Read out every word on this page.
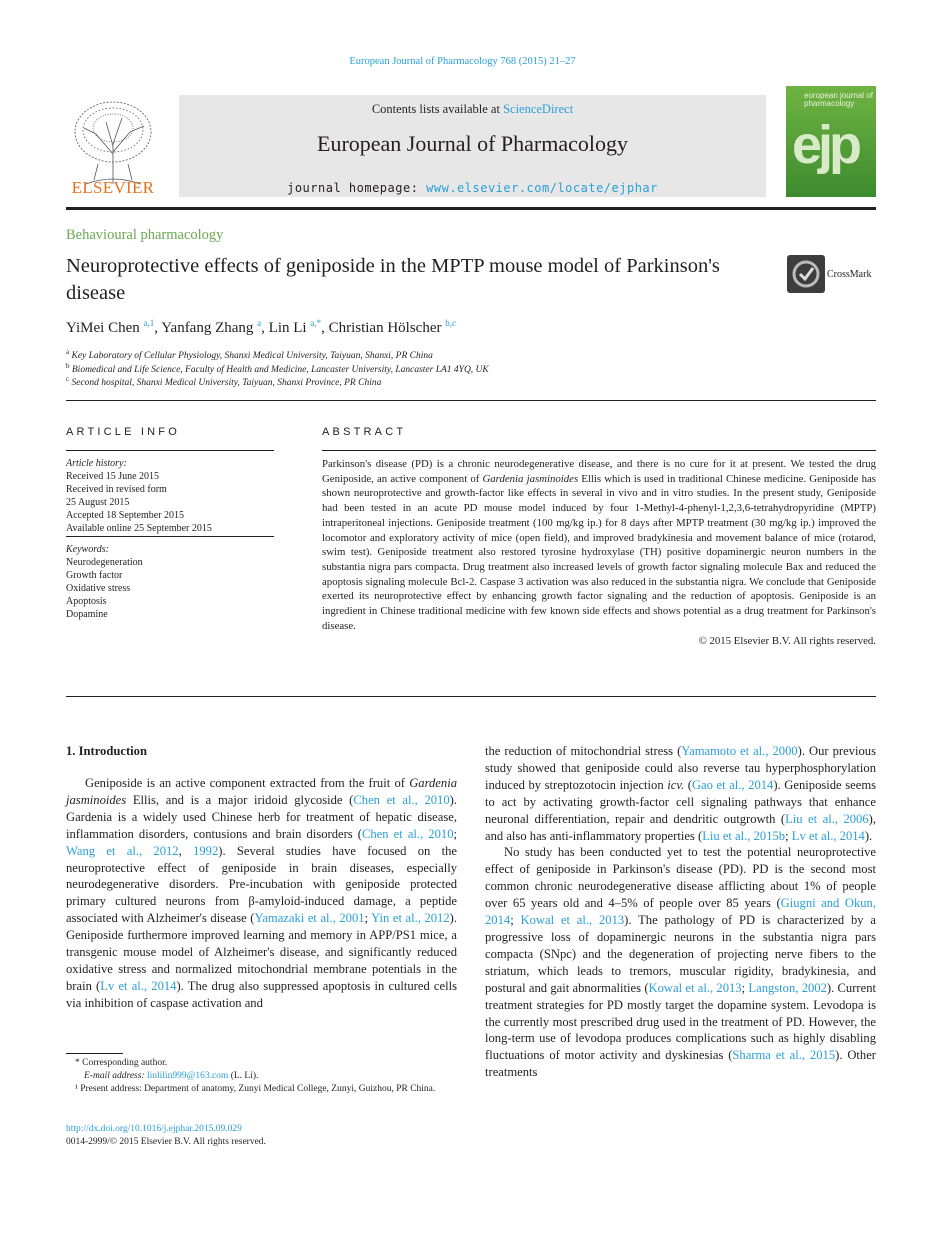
European Journal of Pharmacology 768 (2015) 21–27
ELSEVIER
Contents lists available at ScienceDirect
European Journal of Pharmacology
journal homepage: www.elsevier.com/locate/ejphar
european journal of
pharmacology
ejp
Behavioural pharmacology
Neuroprotective effects of geniposide in the MPTP mouse model of Parkinson's disease
CrossMark
YiMei Chen $^{a,1}$, Yanfang Zhang $^a$, Lin Li $^{a,*}$, Christian Hölscher $^{b,c}$
$^a$ Key Laboratory of Cellular Physiology, Shanxi Medical University, Taiyuan, Shanxi, PR China
$^b$ Biomedical and Life Science, Faculty of Health and Medicine, Lancaster University, Lancaster LA1 4YQ, UK
$^c$ Second hospital, Shanxi Medical University, Taiyuan, Shanxi Province, PR China
ARTICLE INFO
Article history:
Received 15 June 2015
Received in revised form
25 August 2015
Accepted 18 September 2015
Available online 25 September 2015
Keywords:
Neurodegeneration
Growth factor
Oxidative stress
Apoptosis
Dopamine
ABSTRACT
Parkinson's disease (PD) is a chronic neurodegenerative disease, and there is no cure for it at present. We tested the drug Geniposide, an active component of Gardenia jasminoides Ellis which is used in traditional Chinese medicine. Geniposide has shown neuroprotective and growth-factor like effects in several in vivo and in vitro studies. In the present study, Geniposide had been tested in an acute PD mouse model induced by four 1-Methyl-4-phenyl-1,2,3,6-tetrahydropyridine (MPTP) intraperitoneal injections. Geniposide treatment (100 mg/kg ip.) for 8 days after MPTP treatment (30 mg/kg ip.) improved the locomotor and exploratory activity of mice (open field), and improved bradykinesia and movement balance of mice (rotarod, swim test). Geniposide treatment also restored tyrosine hydroxylase (TH) positive dopaminergic neuron numbers in the substantia nigra pars compacta. Drug treatment also increased levels of growth factor signaling molecule Bax and reduced the apoptosis signaling molecule Bcl-2. Caspase 3 activation was also reduced in the substantia nigra. We conclude that Geniposide exerted its neuroprotective effect by enhancing growth factor signaling and the reduction of apoptosis. Geniposide is an ingredient in Chinese traditional medicine with few known side effects and shows potential as a drug treatment for Parkinson's disease.
© 2015 Elsevier B.V. All rights reserved.
1. Introduction

Geniposide is an active component extracted from the fruit of Gardenia jasminoides Ellis, and is a major iridoid glycoside (Chen et al., 2010). Gardenia is a widely used Chinese herb for treatment of hepatic disease, inflammation disorders, contusions and brain disorders (Chen et al., 2010; Wang et al., 2012, 1992). Several studies have focused on the neuroprotective effect of geniposide in brain diseases, especially neurodegenerative disorders. Pre-incubation with geniposide protected primary cultured neurons from β-amyloid-induced damage, a peptide associated with Alzheimer's disease (Yamazaki et al., 2001; Yin et al., 2012). Geniposide furthermore improved learning and memory in APP/PS1 mice, a transgenic mouse model of Alzheimer's disease, and significantly reduced oxidative stress and normalized mitochondrial membrane potentials in the brain (Lv et al., 2014). The drug also suppressed apoptosis in cultured cells via inhibition of caspase activation and

* Corresponding author.
E-mail address: linlilin999@163.com (L. Li).
¹ Present address: Department of anatomy, Zunyi Medical College, Zunyi, Guizhou, PR China.
http://dx.doi.org/10.1016/j.ejphar.2015.09.029
0014-2999/© 2015 Elsevier B.V. All rights reserved.

the reduction of mitochondrial stress (Yamamoto et al., 2000). Our previous study showed that geniposide could also reverse tau hyperphosphorylation induced by streptozotocin injection icv. (Gao et al., 2014). Geniposide seems to act by activating growth-factor cell signaling pathways that enhance neuronal differentiation, repair and dendritic outgrowth (Liu et al., 2006), and also has anti-inflammatory properties (Liu et al., 2015b; Lv et al., 2014).

No study has been conducted yet to test the potential neuroprotective effect of geniposide in Parkinson's disease (PD). PD is the second most common chronic neurodegenerative disease afflicting about 1% of people over 65 years old and 4–5% of people over 85 years (Giugni and Okun, 2014; Kowal et al., 2013). The pathology of PD is characterized by a progressive loss of dopaminergic neurons in the substantia nigra pars compacta (SNpc) and the degeneration of projecting nerve fibers to the striatum, which leads to tremors, muscular rigidity, bradykinesia, and postural and gait abnormalities (Kowal et al., 2013; Langston, 2002). Current treatment strategies for PD mostly target the dopamine system. Levodopa is the currently most prescribed drug used in the treatment of PD. However, the long-term use of levodopa produces complications such as highly disabling fluctuations of motor activity and dyskinesias (Sharma et al., 2015). Other treatments
